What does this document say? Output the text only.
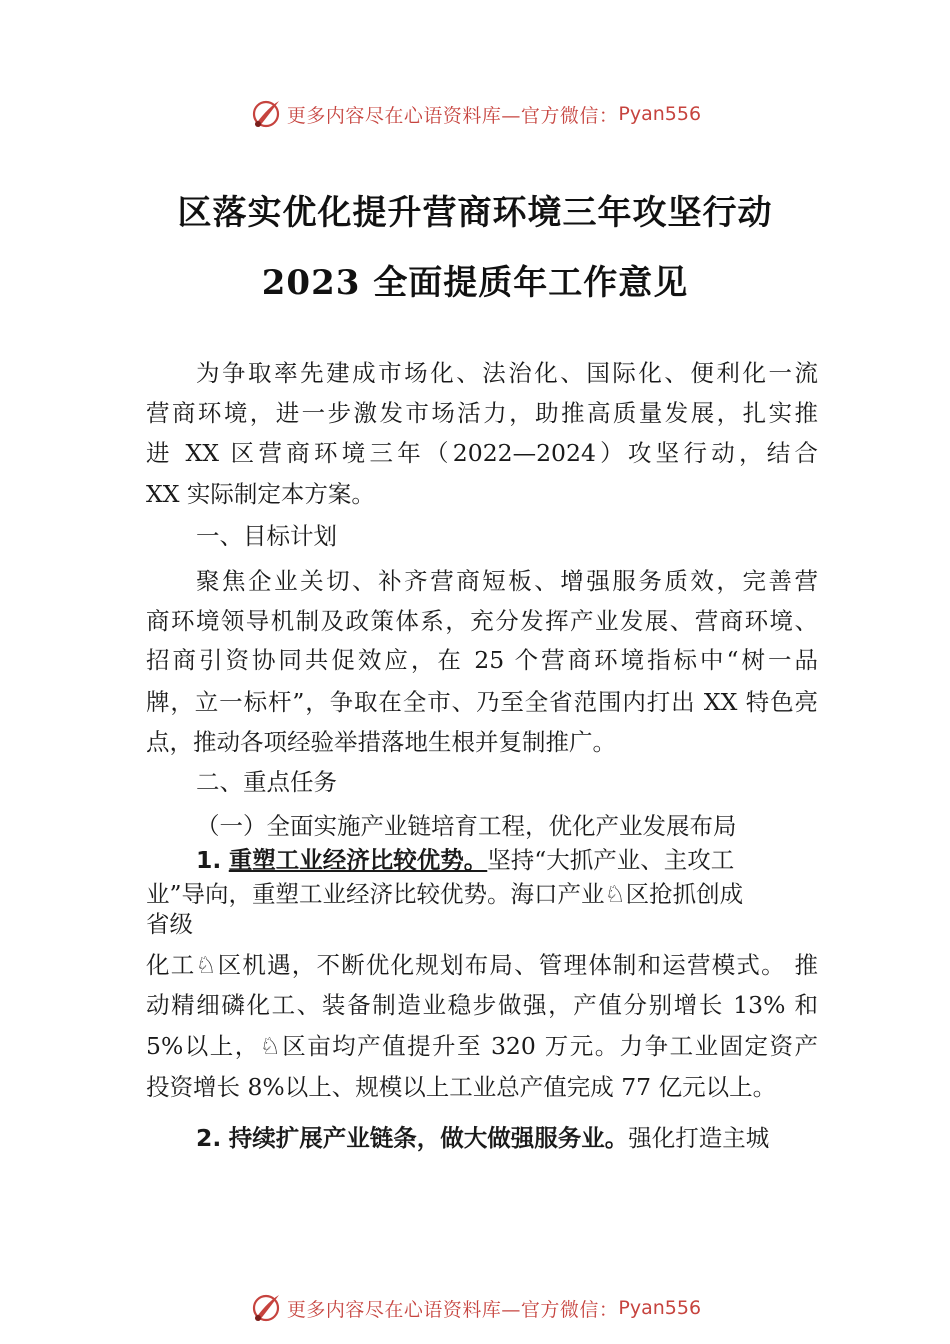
更多内容尽在心语资料库—官方微信： Pyan556
区落实优化提升营商环境三年攻坚行动
2023 全面提质年工作意见
为争取率先建成市场化、法治化、国际化、便利化一流
营商环境，进一步激发市场活力，助推高质量发展，扎实推
进 XX 区营商环境三年（2022—2024）攻坚行动，结合
XX 实际制定本方案。
一、目标计划
聚焦企业关切、补齐营商短板、增强服务质效，完善营
商环境领导机制及政策体系，充分发挥产业发展、营商环境、
招商引资协同共促效应，在 25 个营商环境指标中“树一品
牌，立一标杆”，争取在全市、乃至全省范围内打出 XX 特色亮
点，推动各项经验举措落地生根并复制推广。
二、重点任务
（一）全面实施产业链培育工程，优化产业发展布局
1. 重塑工业经济比较优势。坚持“大抓产业、主攻工
业”导向，重塑工业经济比较优势。海口产业♘区抢抓创成
省级
化工♘区机遇，不断优化规划布局、管理体制和运营模式。 推
动精细磷化工、装备制造业稳步做强，产值分别增长 13% 和
5%以上，♘区亩均产值提升至 320 万元。力争工业固定资产
投资增长 8%以上、规模以上工业总产值完成 77 亿元以上。
2. 持续扩展产业链条，做大做强服务业。强化打造主城
更多内容尽在心语资料库—官方微信： Pyan556
